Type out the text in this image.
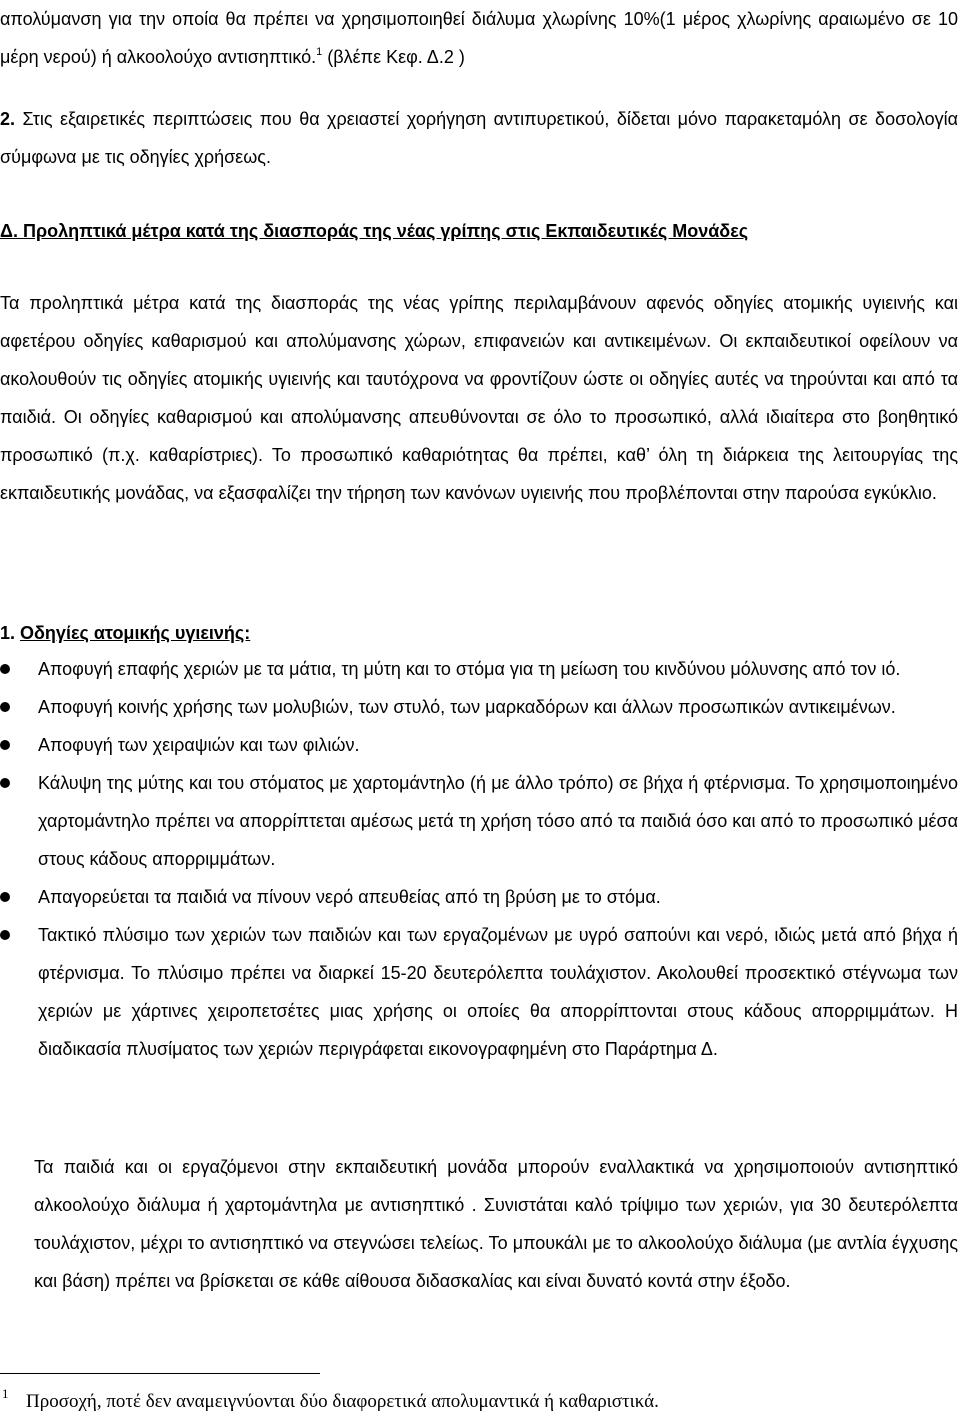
απολύμανση για την οποία θα πρέπει να χρησιμοποιηθεί διάλυμα χλωρίνης 10%(1 μέρος χλωρίνης αραιωμένο σε 10 μέρη νερού) ή αλκοολούχο αντισηπτικό.$^1$ (βλέπε Κεφ. Δ.2 )

2. Στις εξαιρετικές περιπτώσεις που θα χρειαστεί χορήγηση αντιπυρετικού, δίδεται μόνο παρακεταμόλη σε δοσολογία σύμφωνα με τις οδηγίες χρήσεως.

Δ. Προληπτικά μέτρα κατά της διασποράς της νέας γρίπης στις Εκπαιδευτικές Μονάδες

Τα προληπτικά μέτρα κατά της διασποράς της νέας γρίπης περιλαμβάνουν αφενός οδηγίες ατομικής υγιεινής και αφετέρου οδηγίες καθαρισμού και απολύμανσης χώρων, επιφανειών και αντικειμένων. Οι εκπαιδευτικοί οφείλουν να ακολουθούν τις οδηγίες ατομικής υγιεινής και ταυτόχρονα να φροντίζουν ώστε οι οδηγίες αυτές να τηρούνται και από τα παιδιά. Οι οδηγίες καθαρισμού και απολύμανσης απευθύνονται σε όλο το προσωπικό, αλλά ιδιαίτερα στο βοηθητικό προσωπικό (π.χ. καθαρίστριες). Το προσωπικό καθαριότητας θα πρέπει, καθ’ όλη τη διάρκεια της λειτουργίας της εκπαιδευτικής μονάδας, να εξασφαλίζει την τήρηση των κανόνων υγιεινής που προβλέπονται στην παρούσα εγκύκλιο.

1. Οδηγίες ατομικής υγιεινής:

Αποφυγή επαφής χεριών με τα μάτια, τη μύτη και το στόμα για τη μείωση του κινδύνου μόλυνσης από τον ιό.
Αποφυγή κοινής χρήσης των μολυβιών, των στυλό, των μαρκαδόρων και άλλων προσωπικών αντικειμένων.
Αποφυγή των χειραψιών και των φιλιών.
Κάλυψη της μύτης και του στόματος με χαρτομάντηλο (ή με άλλο τρόπο) σε βήχα ή φτέρνισμα. Το χρησιμοποιημένο χαρτομάντηλο πρέπει να απορρίπτεται αμέσως μετά τη χρήση τόσο από τα παιδιά όσο και από το προσωπικό μέσα στους κάδους απορριμμάτων.
Απαγορεύεται τα παιδιά να πίνουν νερό απευθείας από τη βρύση με το στόμα.
Τακτικό πλύσιμο των χεριών των παιδιών και των εργαζομένων με υγρό σαπούνι και νερό, ιδιώς μετά από βήχα ή φτέρνισμα. Το πλύσιμο πρέπει να διαρκεί 15-20 δευτερόλεπτα τουλάχιστον. Ακολουθεί προσεκτικό στέγνωμα των χεριών με χάρτινες χειροπετσέτες μιας χρήσης οι οποίες θα απορρίπτονται στους κάδους απορριμμάτων. Η διαδικασία πλυσίματος των χεριών περιγράφεται εικονογραφημένη στο Παράρτημα Δ.

Τα παιδιά και οι εργαζόμενοι στην εκπαιδευτική μονάδα μπορούν εναλλακτικά να χρησιμοποιούν αντισηπτικό αλκοολούχο διάλυμα ή χαρτομάντηλα με αντισηπτικό . Συνιστάται καλό τρίψιμο των χεριών, για 30 δευτερόλεπτα τουλάχιστον, μέχρι το αντισηπτικό να στεγνώσει τελείως. Το μπουκάλι με το αλκοολούχο διάλυμα (με αντλία έγχυσης και βάση) πρέπει να βρίσκεται σε κάθε αίθουσα διδασκαλίας και είναι δυνατό κοντά στην έξοδο.

1 Προσοχή, ποτέ δεν αναμειγνύονται δύο διαφορετικά απολυμαντικά ή καθαριστικά.
